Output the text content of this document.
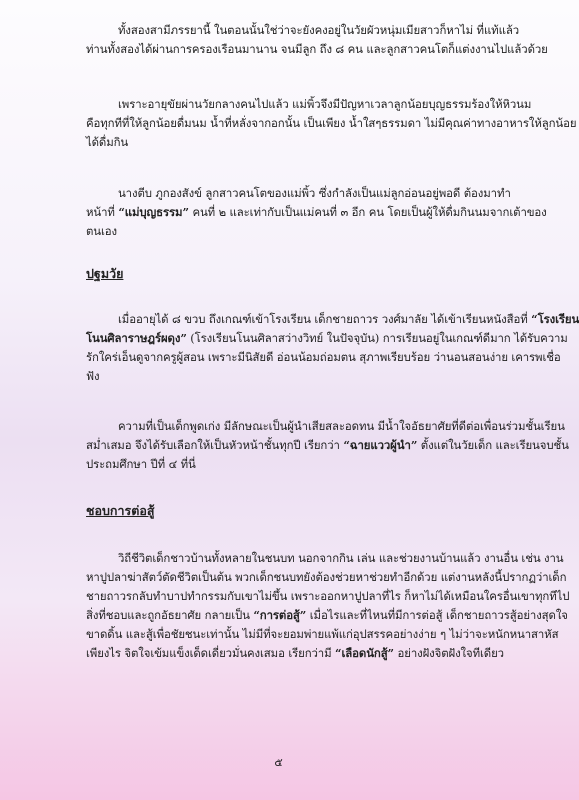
ทั้งสองสามีภรรยานี้ ในตอนนั้นใช่ว่าจะยังคงอยู่ในวัยผัวหนุ่มเมียสาวก็หาไม่ ที่แท้แล้ว
ท่านทั้งสองได้ผ่านการครองเรือนมานาน จนมีลูก ถึง ๘ คน และลูกสาวคนโตก็แต่งงานไปแล้วด้วย
เพราะอายุขัยผ่านวัยกลางคนไปแล้ว แม่พิ้วจึงมีปัญหาเวลาลูกน้อยบุญธรรมร้องให้หิวนม
คือทุกทีที่ให้ลูกน้อยดื่มนม น้ำที่หลั่งจากอกนั้น เป็นเพียง น้ำใสๆธรรมดา ไม่มีคุณค่าทางอาหารให้ลูกน้อย
ได้ดื่มกิน
นางตีบ ภูกองสังข์ ลูกสาวคนโตของแม่พิ้ว ซึ่งกำลังเป็นแม่ลูกอ่อนอยู่พอดี ต้องมาทำ
หน้าที่ “แม่บุญธรรม” คนที่ ๒ และเท่ากับเป็นแม่คนที่ ๓ อีก คน โดยเป็นผู้ให้ดื่มกินนมจากเต้าของ
ตนเอง
ปฐมวัย
เมื่ออายุได้ ๘ ขวบ ถึงเกณฑ์เข้าโรงเรียน เด็กชายถาวร วงศ์มาลัย ได้เข้าเรียนหนังสือที่ “โรงเรียน
โนนศิลาราษฎร์ผดุง” (โรงเรียนโนนศิลาสว่างวิทย์ ในปัจจุบัน) การเรียนอยู่ในเกณฑ์ดีมาก ได้รับความ
รักใคร่เอ็นดูจากครูผู้สอน เพราะมีนิสัยดี อ่อนน้อมถ่อมตน สุภาพเรียบร้อย ว่านอนสอนง่าย เคารพเชื่อ
ฟัง
ความที่เป็นเด็กพูดเก่ง มีลักษณะเป็นผู้นำเสียสละอดทน มีน้ำใจอัธยาศัยที่ดีต่อเพื่อนร่วมชั้นเรียน
สม่ำเสมอ จึงได้รับเลือกให้เป็นหัวหน้าชั้นทุกปี เรียกว่า “ฉายแววผู้นำ” ตั้งแต่ในวัยเด็ก และเรียนจบชั้น
ประถมศึกษา ปีที่ ๔ ที่นี่
ชอบการต่อสู้
วิถีชีวิตเด็กชาวบ้านทั้งหลายในชนบท นอกจากกิน เล่น และช่วยงานบ้านแล้ว งานอื่น เช่น งาน
หาปูปลาฆ่าสัตว์ตัดชีวิตเป็นต้น พวกเด็กชนบทยังต้องช่วยหาช่วยทำอีกด้วย แต่งานหลังนี้ปรากฏว่าเด็ก
ชายถาวรกลับทำบาปทำกรรมกับเขาไม่ขึ้น เพราะออกหาปูปลาที่ไร ก็หาไม่ได้เหมือนใครอื่นเขาทุกทีไป
สิ่งที่ชอบและถูกอัธยาศัย กลายเป็น “การต่อสู้” เมื่อไรและที่ไหนที่มีการต่อสู้ เด็กชายถาวรสู้อย่างสุดใจ
ขาดดิ้น และสู้เพื่อชัยชนะเท่านั้น ไม่มีที่จะยอมพ่ายแพ้แก่อุปสรรคอย่างง่าย ๆ ไม่ว่าจะหนักหนาสาหัส
เพียงไร จิตใจเข้มแข็งเด็ดเดี่ยวมั่นคงเสมอ เรียกว่ามี “เลือดนักสู้” อย่างฝังจิตฝังใจทีเดียว
๕
